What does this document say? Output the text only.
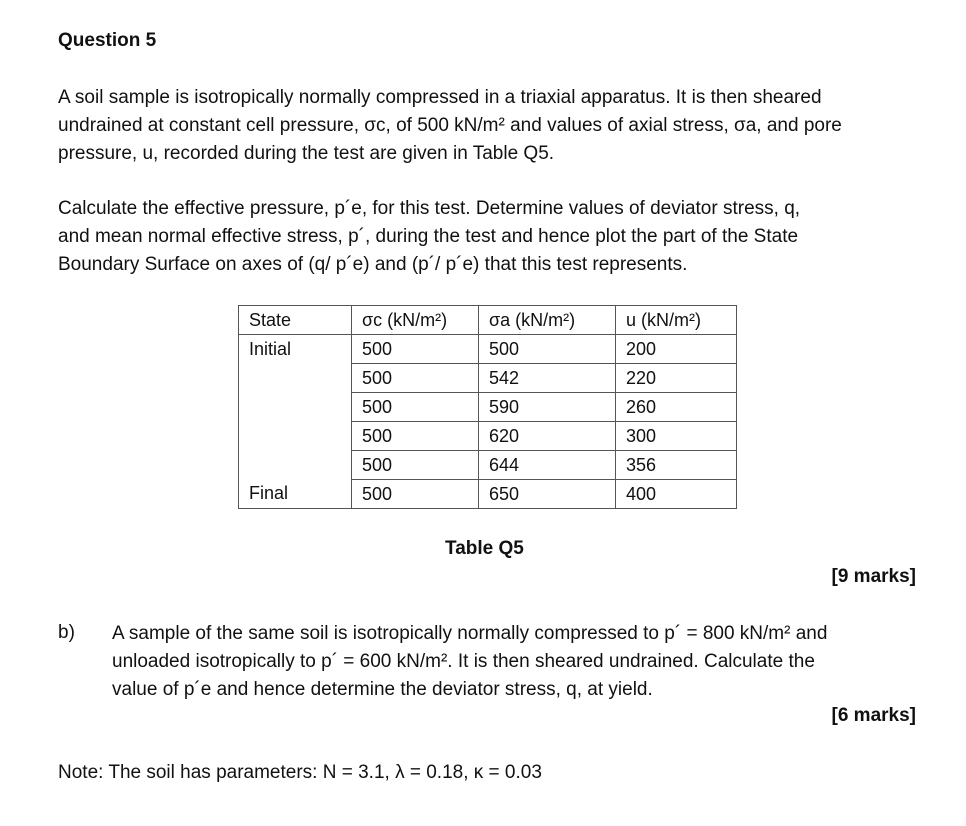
Question 5
A soil sample is isotropically normally compressed in a triaxial apparatus. It is then sheared
undrained at constant cell pressure, σc, of 500 kN/m² and values of axial stress, σa, and pore
pressure, u, recorded during the test are given in Table Q5.
Calculate the effective pressure, p´e, for this test. Determine values of deviator stress, q,
and mean normal effective stress, p´, during the test and hence plot the part of the State
Boundary Surface on axes of (q/ p´e) and (p´/ p´e) that this test represents.
State	σc (kN/m²)	σa (kN/m²)	u (kN/m²)
Initial	500	500	200
	500	542	220
	500	590	260
	500	620	300
	500	644	356
Final	500	650	400
Table Q5
[9 marks]
b) A sample of the same soil is isotropically normally compressed to p´ = 800 kN/m² and
unloaded isotropically to p´ = 600 kN/m². It is then sheared undrained. Calculate the
value of p´e and hence determine the deviator stress, q, at yield.
[6 marks]
Note: The soil has parameters: N = 3.1, λ = 0.18, κ = 0.03
